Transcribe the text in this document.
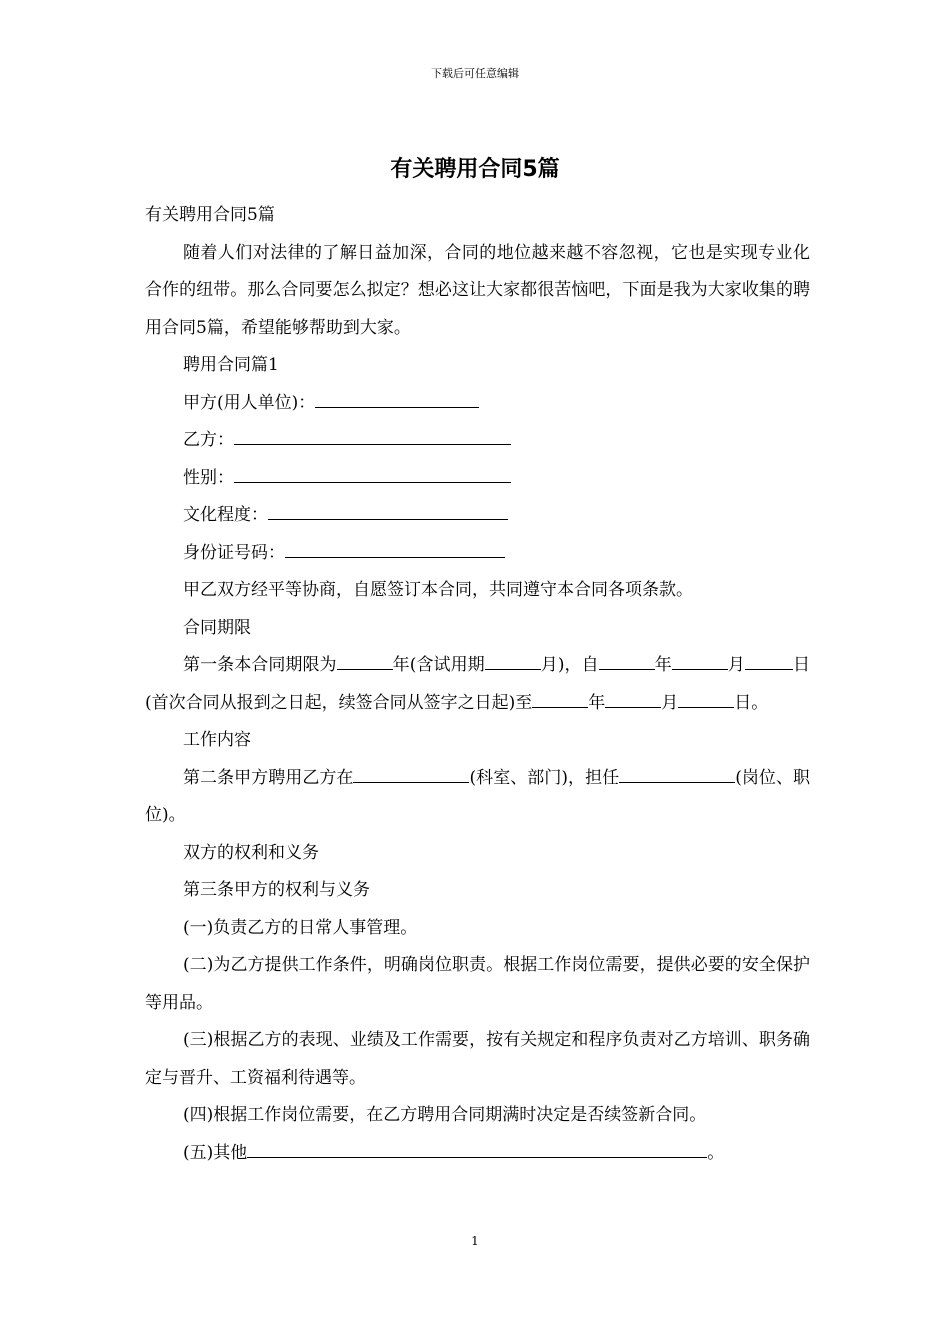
下载后可任意编辑
有关聘用合同5篇

有关聘用合同5篇

随着人们对法律的了解日益加深，合同的地位越来越不容忽视，它也是实现专业化合作的纽带。那么合同要怎么拟定？想必这让大家都很苦恼吧，下面是我为大家收集的聘用合同5篇，希望能够帮助到大家。

聘用合同篇1

甲方(用人单位)：

乙方：

性别：

文化程度：

身份证号码：

甲乙双方经平等协商，自愿签订本合同，共同遵守本合同各项条款。

合同期限

第一条本合同期限为	年(含试用期	月)，自	年	月	日(首次合同从报到之日起，续签合同从签字之日起)至	年	月	日。

工作内容

第二条甲方聘用乙方在	(科室、部门)，担任	(岗位、职位)。

双方的权利和义务

第三条甲方的权利与义务

(一)负责乙方的日常人事管理。

(二)为乙方提供工作条件，明确岗位职责。根据工作岗位需要，提供必要的安全保护等用品。

(三)根据乙方的表现、业绩及工作需要，按有关规定和程序负责对乙方培训、职务确定与晋升、工资福利待遇等。

(四)根据工作岗位需要，在乙方聘用合同期满时决定是否续签新合同。

(五)其他	。

1
